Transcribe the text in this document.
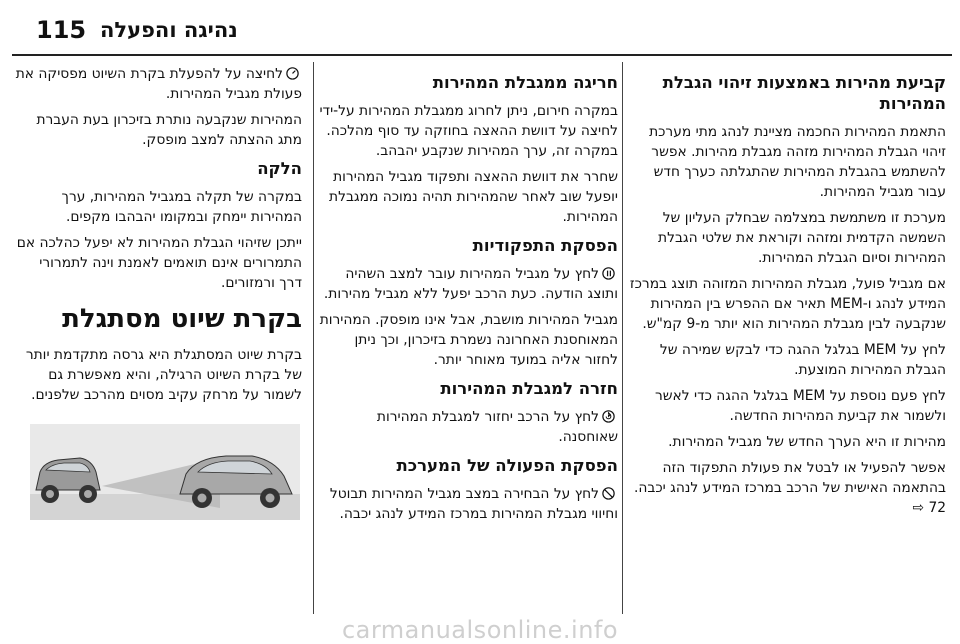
115 נהיגה והפעלה
קביעת מהירות באמצעות זיהוי הגבלת המהירות

התאמת המהירות החכמה מציינת לנהג מתי מערכת זיהוי הגבלת המהירות מזהה מגבלת מהירות. אפשר להשתמש בהגבלת המהירות שהתגלתה כערך חדש עבור מגביל המהירות.

מערכת זו משתמשת במצלמה שבחלק העליון של השמשה הקדמית ומזהה וקוראת את שלטי הגבלת המהירות וסיום הגבלת המהירות.

אם מגביל פועל, מגבלת המהירות המזוהה תוצג במרכז המידע לנהג ו-MEM תאיר אם ההפרש בין המהירות שנקבעה לבין מגבלת המהירות הוא יותר מ-9 קמ"ש.

לחץ על MEM בגלגל ההגה כדי לבקש שמירה של הגבלת המהירות המוצעת.

לחץ פעם נוספת על MEM בגלגל ההגה כדי לאשר ולשמור את קביעת המהירות החדשה.

מהירות זו היא הערך החדש של מגביל המהירות.

אפשר להפעיל או לבטל את פעולת התפקוד הזה בהתאמה האישית של הרכב במרכז המידע לנהג יכבה. 72 ⇨

חריגה ממגבלת המהירות

במקרה חירום, ניתן לחרוג ממגבלת המהירות על-ידי לחיצה על דוושת ההאצה בחוזקה עד סוף מהלכה. במקרה זה, ערך המהירות שנקבע יהבהב.

שחרר את דוושת ההאצה ותפקוד מגביל המהירות יופעל שוב לאחר שהמהירות תהיה נמוכה ממגבלת המהירות.

הפסקת התפקודיות

לחץ על מגביל המהירות עובר למצב השהיה ותוצג הודעה. כעת הרכב יפעל ללא מגביל מהירות.

מגביל המהירות מושבת, אבל אינו מופסק. המהירות המאוחסנת האחרונה נשמרת בזיכרון, וכך ניתן לחזור אליה במועד מאוחר יותר.

חזרה למגבלת המהירות

לחץ על הרכב יחזור למגבלת המהירות שאוחסנה.

הפסקת הפעולה של המערכת

לחץ על הבחירה במצב מגביל המהירות תבוטל וחיווי מגבלת המהירות במרכז המידע לנהג יכבה.

לחיצה על להפעלת בקרת השיוט מפסיקה את פעולת מגביל המהירות.

המהירות שנקבעה נותרת בזיכרון בעת העברת מתג ההצתה למצב מופסק.

הלקה

במקרה של תקלה במגביל המהירות, ערך המהירות יימחק ובמקומו יהבהבו מקפים.

ייתכן שזיהוי הגבלת המהירות לא יפעל כהלכה אם התמרורים אינם תואמים לאמנת וינה לתמרורי דרך ורמזורים.

בקרת שיוט מסתגלת

בקרת שיוט המסתגלת היא גרסה מתקדמת יותר של בקרת השיוט הרגילה, והיא מאפשרת גם לשמור על מרחק עקיב מסוים מהרכב שלפנים.

carmanualsonline.info
